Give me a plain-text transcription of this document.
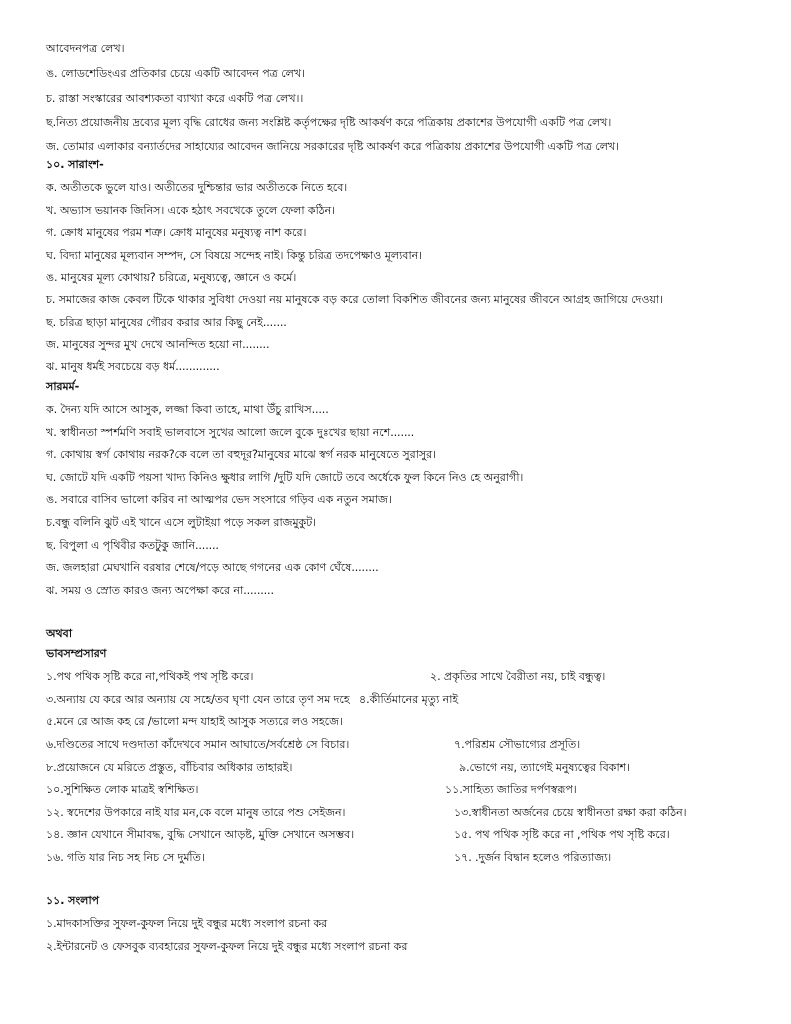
আবেদনপত্র লেখ।
ঙ. লোডশেডিংএর প্রতিকার চেয়ে একটি আবেদন পত্র লেখ।
চ. রাস্তা সংস্কারের আবশ্যকতা ব্যাখ্যা করে একটি পত্র লেখ।।
ছ.নিত্য প্রয়োজনীয় দ্রব্যের মূল্য বৃদ্ধি রোধের জন্য সংশ্লিষ্ট কর্তৃপক্ষের দৃষ্টি আকর্ষণ করে পত্রিকায় প্রকাশের উপযোগী একটি পত্র লেখ।
জ. তোমার এলাকার বন্যার্তদের সাহায্যের আবেদন জানিয়ে সরকারের দৃষ্টি আকর্ষণ করে পত্রিকায় প্রকাশের উপযোগী একটি পত্র লেখ।
১০. সারাংশ-
ক. অতীতকে ভুলে যাও। অতীতের দুশ্চিন্তার ভার অতীতকে নিতে হবে।
খ. অভ্যাস ভয়ানক জিনিস। একে হঠাৎ সবখেকে তুলে ফেলা কঠিন।
গ. ক্রোধ মানুষের পরম শত্রু। ক্রোধ মানুষের মনুষ্যত্ব নাশ করে।
ঘ. বিদ্যা মানুষের মূল্যবান সম্পদ, সে বিষয়ে সন্দেহ নাই। কিন্তু চরিত্র তদপেক্ষাও মূল্যবান।
ঙ. মানুষের মূল্য কোথায়? চরিত্রে, মনুষ্যত্বে, জ্ঞানে ও কর্মে।
চ. সমাজের কাজ কেবল টিকে থাকার সুবিধা দেওয়া নয় মানুষকে বড় করে তোলা বিকশিত জীবনের জন্য মানুষের জীবনে আগ্রহ জাগিয়ে দেওয়া।
ছ. চরিত্র ছাড়া মানুষের গৌরব করার আর কিছু নেই.......
জ. মানুষের সুন্দর মুখ দেখে আনন্দিত হয়ো না........
ঝ. মানুষ ধর্মই সবচেয়ে বড় ধর্ম.............
সারমর্ম-
ক. দৈন্য যদি আসে আসুক, লজ্জা কিবা তাহে, মাথা উঁচু রাখিস.....
খ. স্বাধীনতা স্পর্শমণি সবাই ভালবাসে সুখের আলো জলে বুকে দুঃখের ছায়া নশে.......
গ. কোথায় স্বর্গ কোথায় নরক?কে বলে তা বহুদূর?মানুষের মাঝে স্বর্গ নরক মানুষেতে সুরাসুর।
ঘ. জোটে যদি একটি পয়সা খাদ্য কিনিও ক্ষুধার লাগি /দুটি যদি জোটে তবে অর্ধেকে ফুল কিনে নিও হে অনুরাগী।
ঙ. সবারে বাসিব ভালো করিব না আত্মপর ভেদ সংসারে গড়িব এক নতুন সমাজ।
চ.বন্ধু বলিনি ঝুট এই খানে এসে লুটাইয়া পড়ে সকল রাজমুকুট।
ছ. বিপুলা এ পৃথিবীর কতটুকু জানি.......
জ. জলহারা মেঘখানি বরষার শেষে/পড়ে আছে গগনের এক কোণ ঘেঁষে........
ঝ. সময় ও স্রোত কারও জন্য অপেক্ষা করে না.........
অথবা
ভাবসম্প্রসারণ
১.পথ পথিক সৃষ্টি করে না,পথিকই পথ সৃষ্টি করে।	২. প্রকৃতির সাথে বৈরীতা নয়, চাই বন্ধুত্ব।
৩.অন্যায় যে করে আর অন্যায় যে সহে/তব ঘৃণা যেন তারে তৃণ সম দহে ৪.কীর্তিমানের মৃত্যু নাই
৫.মনে রে আজ কহ রে /ভালো মন্দ যাহাই আসুক সত্যরে লও সহজে।
৬.দণ্ডিতের সাথে দণ্ডদাতা কাঁদেখবে সমান আঘাতে/সর্বশ্রেষ্ঠ সে বিচার।	৭.পরিশ্রম সৌভাগ্যের প্রসূতি।
৮.প্রয়োজনে যে মরিতে প্রস্তুত, বাঁচিবার অধিকার তাহারই।	৯.ভোগে নয়, ত্যাগেই মনুষ্যত্বের বিকাশ।
১০.সুশিক্ষিত লোক মাত্রই স্বশিক্ষিত।	১১.সাহিত্য জাতির দর্পণস্বরূপ।
১২. স্বদেশের উপকারে নাই যার মন,কে বলে মানুষ তারে পশু সেইজন।	১৩.স্বাধীনতা অর্জনের চেয়ে স্বাধীনতা রক্ষা করা কঠিন।
১৪. জ্ঞান যেখানে সীমাবদ্ধ, বুদ্ধি সেখানে আড়ষ্ট, মুক্তি সেখানে অসম্ভব।	১৫. পথ পথিক সৃষ্টি করে না ,পথিক পথ সৃষ্টি করে।
১৬. গতি যার নিচ সহ নিচ সে দুর্মতি।	১৭. .দুর্জন বিদ্বান হলেও পরিত্যাজ্য।
১১. সংলাপ
১.মাদকাসক্তির সুফল-কুফল নিয়ে দুই বন্ধুর মধ্যে সংলাপ রচনা কর
২.ইন্টারনেট ও ফেসবুক ব্যবহারের সুফল-কুফল নিয়ে দুই বন্ধুর মধ্যে সংলাপ রচনা কর
